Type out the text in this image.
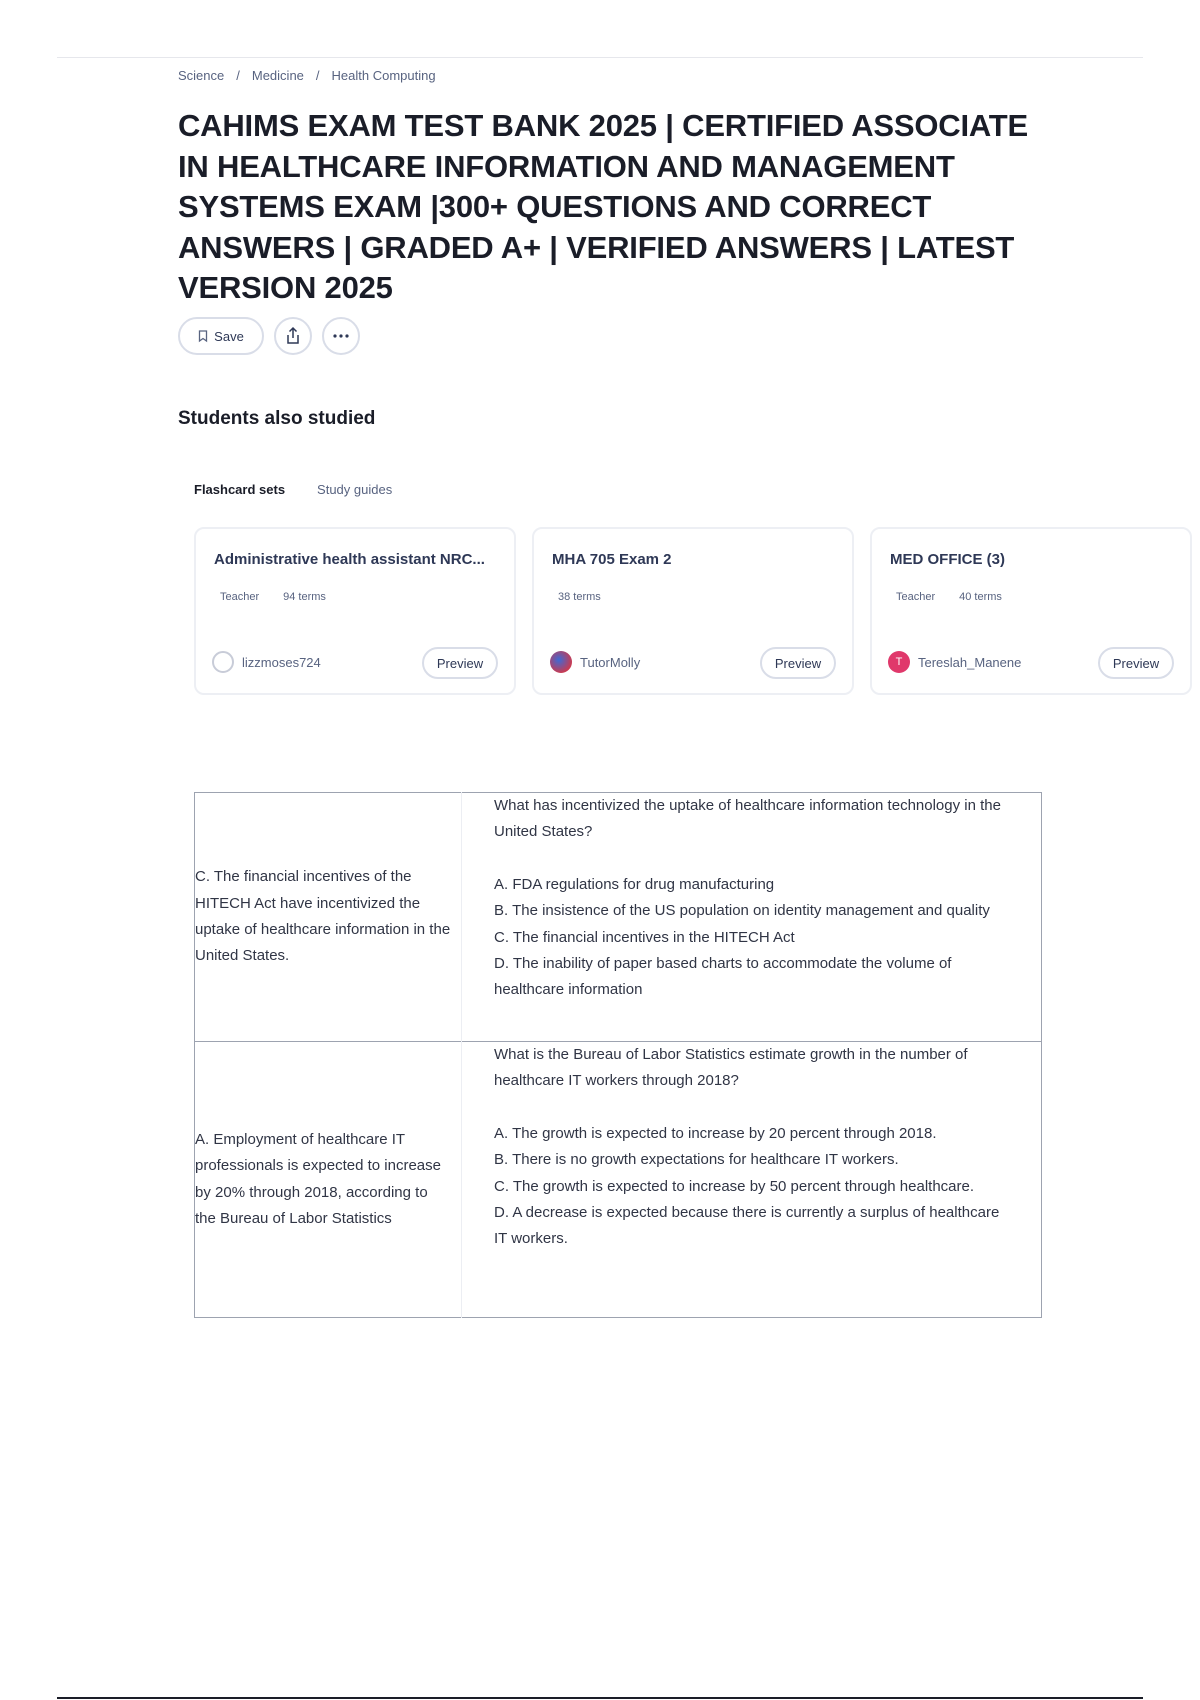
Science / Medicine / Health Computing
CAHIMS EXAM TEST BANK 2025 | CERTIFIED ASSOCIATE IN HEALTHCARE INFORMATION AND MANAGEMENT SYSTEMS EXAM |300+ QUESTIONS AND CORRECT ANSWERS | GRADED A+ | VERIFIED ANSWERS | LATEST VERSION 2025
Save
Students also studied
Flashcard sets Study guides
Administrative health assistant NRC...
Teacher 94 terms
lizzmoses724	Preview
MHA 705 Exam 2
38 terms
TutorMolly	Preview
MED OFFICE (3)
Teacher 40 terms
T	Tereslah_Manene	Preview
C. The financial incentives of the HITECH Act have incentivized the uptake of healthcare information in the United States.	What has incentivized the uptake of healthcare information technology in the United States?

A. FDA regulations for drug manufacturing

B. The insistence of the US population on identity management and quality

C. The financial incentives in the HITECH Act

D. The inability of paper based charts to accommodate the volume of healthcare information

A. Employment of healthcare IT professionals is expected to increase by 20% through 2018, according to the Bureau of Labor Statistics	What is the Bureau of Labor Statistics estimate growth in the number of healthcare IT workers through 2018?

A. The growth is expected to increase by 20 percent through 2018.

B. There is no growth expectations for healthcare IT workers.

C. The growth is expected to increase by 50 percent through healthcare.

D. A decrease is expected because there is currently a surplus of healthcare IT workers.
